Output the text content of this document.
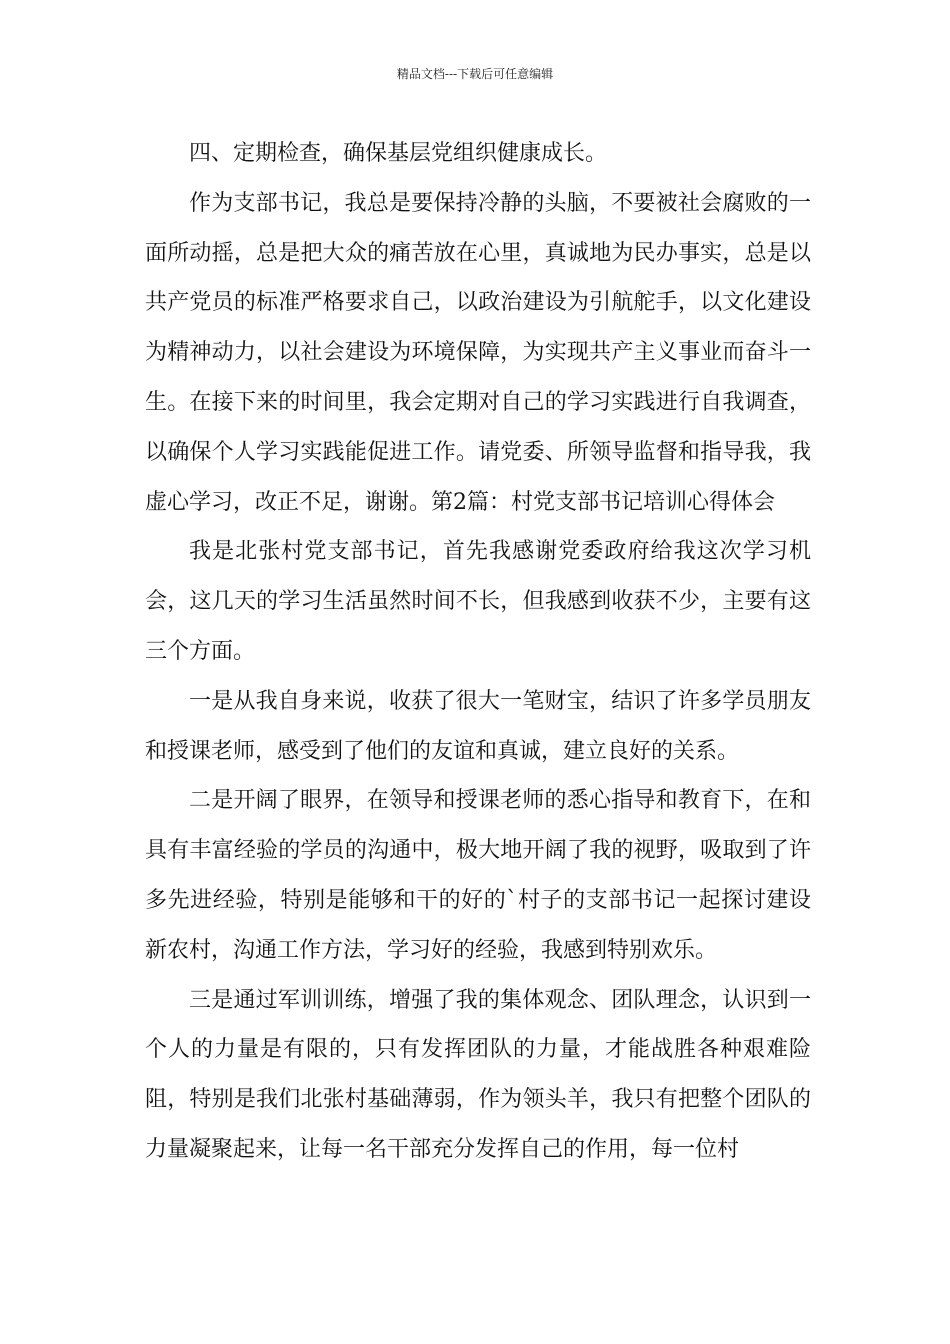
精品文档---下载后可任意编辑

四、定期检查，确保基层党组织健康成长。

作为支部书记，我总是要保持冷静的头脑，不要被社会腐败的一面所动摇，总是把大众的痛苦放在心里，真诚地为民办事实，总是以共产党员的标准严格要求自己，以政治建设为引航舵手，以文化建设为精神动力，以社会建设为环境保障，为实现共产主义事业而奋斗一生。在接下来的时间里，我会定期对自己的学习实践进行自我调查，以确保个人学习实践能促进工作。请党委、所领导监督和指导我，我虚心学习，改正不足，谢谢。第2篇：村党支部书记培训心得体会

我是北张村党支部书记，首先我感谢党委政府给我这次学习机会，这几天的学习生活虽然时间不长，但我感到收获不少，主要有这三个方面。

一是从我自身来说，收获了很大一笔财宝，结识了许多学员朋友和授课老师，感受到了他们的友谊和真诚，建立良好的关系。

二是开阔了眼界，在领导和授课老师的悉心指导和教育下，在和具有丰富经验的学员的沟通中，极大地开阔了我的视野，吸取到了许多先进经验，特别是能够和干的好的`村子的支部书记一起探讨建设新农村，沟通工作方法，学习好的经验，我感到特别欢乐。

三是通过军训训练，增强了我的集体观念、团队理念，认识到一个人的力量是有限的，只有发挥团队的力量，才能战胜各种艰难险阻，特别是我们北张村基础薄弱，作为领头羊，我只有把整个团队的力量凝聚起来，让每一名干部充分发挥自己的作用，每一位村
